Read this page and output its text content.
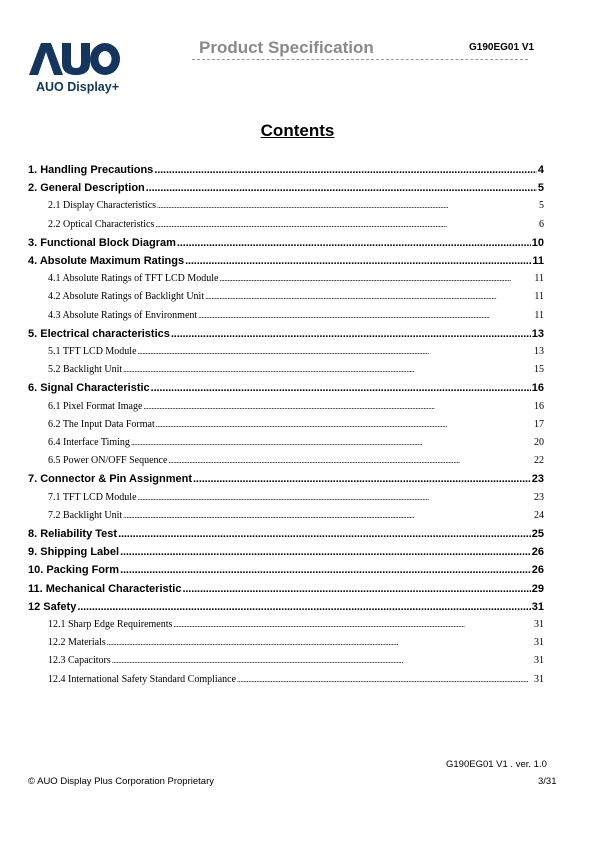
AUO Display+
Product Specification	G190EG01 V1
Contents
1. Handling Precautions . . .	4
2. General Description . . .	5
2.1 Display Characteristics . . .	5
2.2 Optical Characteristics . . .	6
3. Functional Block Diagram . . .	10
4. Absolute Maximum Ratings . . .	11
4.1 Absolute Ratings of TFT LCD Module . . .	11
4.2 Absolute Ratings of Backlight Unit . . .	11
4.3 Absolute Ratings of Environment . . .	11
5. Electrical characteristics . . .	13
5.1 TFT LCD Module . . .	13
5.2 Backlight Unit . . .	15
6. Signal Characteristic . . .	16
6.1 Pixel Format Image . . .	16
6.2 The Input Data Format . . .	17
6.4 Interface Timing . . .	20
6.5 Power ON/OFF Sequence . . .	22
7. Connector & Pin Assignment . . .	23
7.1 TFT LCD Module . . .	23
7.2 Backlight Unit . . .	24
8. Reliability Test . . .	25
9. Shipping Label . . .	26
10. Packing Form . . .	26
11. Mechanical Characteristic . . .	29
12 Safety . . .	31
12.1 Sharp Edge Requirements . . .	31
12.2 Materials . . .	31
12.3 Capacitors . . .	31
12.4 International Safety Standard Compliance . . .	31
G190EG01 V1 . ver. 1.0
© AUO Display Plus Corporation Proprietary	3/31
